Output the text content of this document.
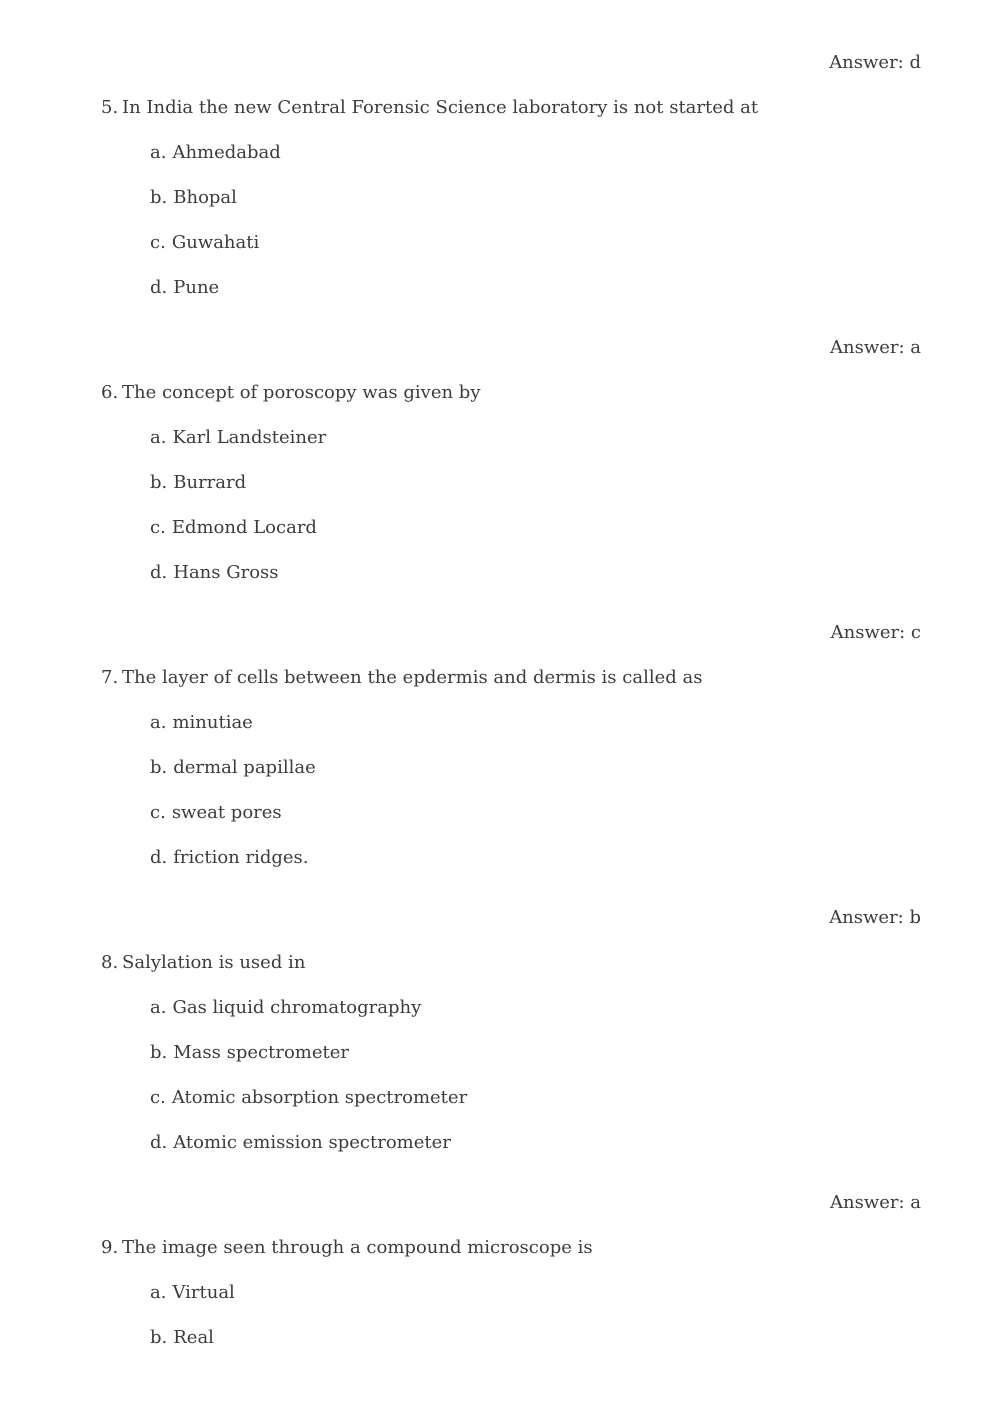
Answer: d
5. In India the new Central Forensic Science laboratory is not started at
a. Ahmedabad
b. Bhopal
c. Guwahati
d. Pune
Answer: a
6. The concept of poroscopy was given by
a. Karl Landsteiner
b. Burrard
c. Edmond Locard
d. Hans Gross
Answer: c
7. The layer of cells between the epdermis and dermis is called as
a. minutiae
b. dermal papillae
c. sweat pores
d. friction ridges.
Answer: b
8. Salylation is used in
a. Gas liquid chromatography
b. Mass spectrometer
c. Atomic absorption spectrometer
d. Atomic emission spectrometer
Answer: a
9. The image seen through a compound microscope is
a. Virtual
b. Real
